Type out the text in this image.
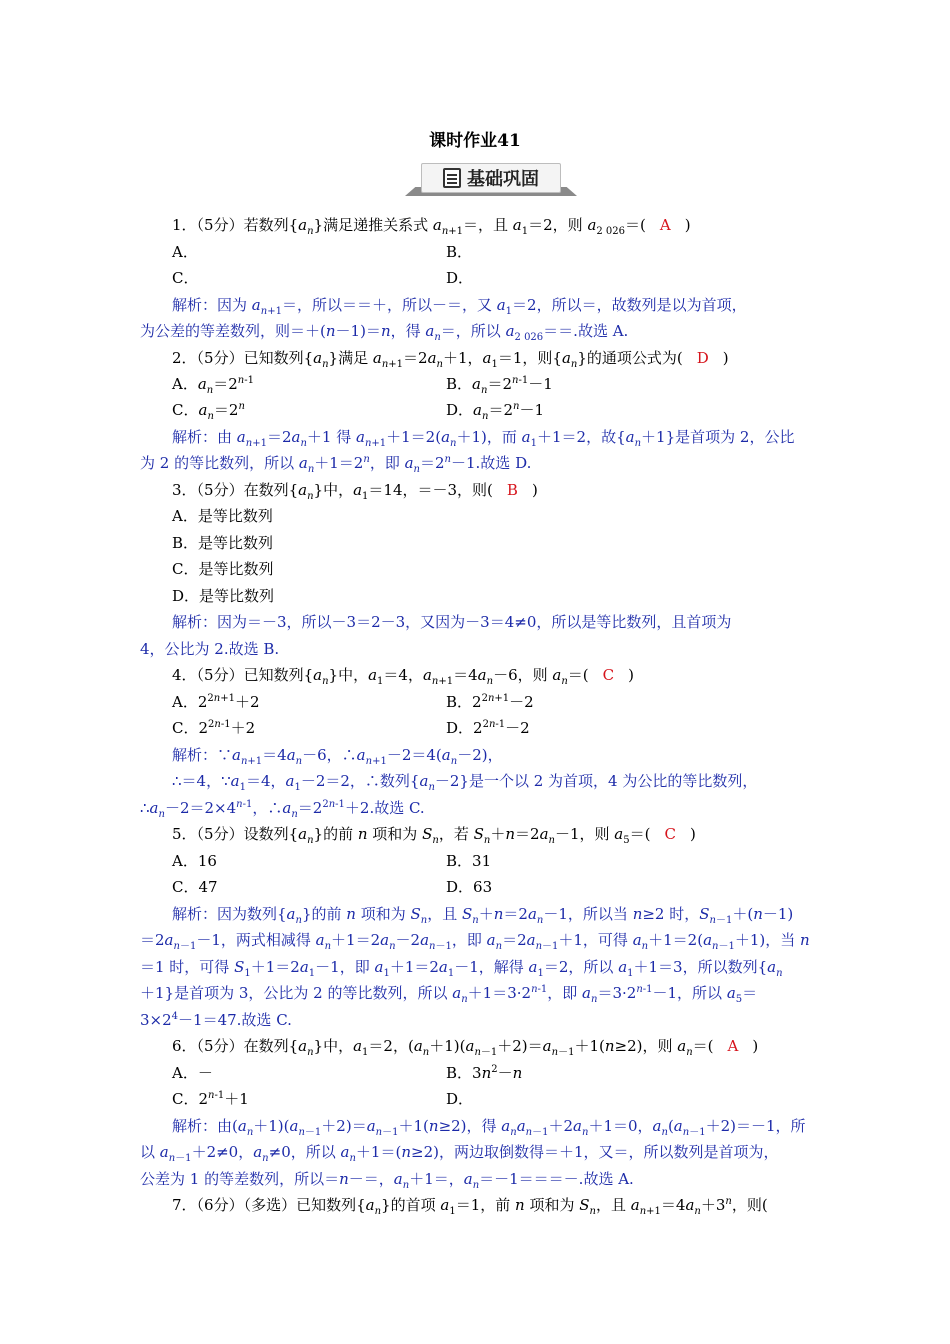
课时作业41
基础巩固
1．（5分）若数列$\{a_n\}$满足递推关系式 $a_{n+1}=$，且 $a_1=2$，则 $a_{2 026}=$( A )
A．	B．
C．	D．
解析：因为 $a_{n+1}=$，所以＝＝＋，所以－＝，又 $a_1=2$，所以＝，故数列是以为首项，
为公差的等差数列，则＝＋(n－1)＝n，得 $a_n=$，所以 $a_{2 026}==$.故选 A.
2．（5分）已知数列$\{a_n\}$满足 $a_{n+1}=2a_n+1$，$a_1=1$，则$\{a_n\}$的通项公式为( D )
A．$a_n=2^{n-1}$	B．$a_n=2^{n-1}-1$
C．$a_n=2^n$	D．$a_n=2^n-1$
解析：由 $a_{n+1}=2a_n+1$ 得 $a_{n+1}+1=2(a_n+1)$，而 $a_1+1=2$，故$\{a_n+1\}$是首项为 2，公比
为 2 的等比数列，所以 $a_n+1=2^n$，即 $a_n=2^n-1$.故选 D.
3．（5分）在数列$\{a_n\}$中，$a_1=14$，＝－3，则( B )
A．是等比数列
B．是等比数列
C．是等比数列
D．是等比数列
解析：因为＝－3，所以－3＝2－3，又因为－3＝4≠0，所以是等比数列，且首项为
4，公比为 2.故选 B.
4．（5分）已知数列$\{a_n\}$中，$a_1=4$，$a_{n+1}=4a_n-6$，则 $a_n=$( C )
A．$2^{2n+1}+2$	B．$2^{2n+1}-2$
C．$2^{2n-1}+2$	D．$2^{2n-1}-2$
解析：$\because a_{n+1}=4a_n-6$，$\therefore a_{n+1}-2=4(a_n-2)$，
∴＝4，$\because a_1=4$，$a_1-2=2$，∴数列$\{a_n-2\}$是一个以 2 为首项，4 为公比的等比数列，
$\therefore a_n-2=2\times 4^{n-1}$，$\therefore a_n=2^{2n-1}+2$.故选 C.
5．（5分）设数列$\{a_n\}$的前 n 项和为 $S_n$，若 $S_n+n=2a_n-1$，则 $a_5=$( C )
A．16	B．31
C．47	D．63
解析：因为数列$\{a_n\}$的前 n 项和为 $S_n$，且 $S_n+n=2a_n-1$，所以当 n≥2 时，$S_{n-1}+(n-1)$
$=2a_{n-1}-1$，两式相减得 $a_n+1=2a_n-2a_{n-1}$，即 $a_n=2a_{n-1}+1$，可得 $a_n+1=2(a_{n-1}+1)$，当 n
＝1 时，可得 $S_1+1=2a_1-1$，即 $a_1+1=2a_1-1$，解得 $a_1=2$，所以 $a_1+1=3$，所以数列{$a_n$
＋1}是首项为 3，公比为 2 的等比数列，所以 $a_n+1=3\cdot 2^{n-1}$，即 $a_n=3\cdot 2^{n-1}-1$，所以 $a_5=$
$3\times 2^4-1=47$.故选 C.
6．（5分）在数列$\{a_n\}$中，$a_1=2$，$(a_n+1)(a_{n-1}+2)=a_{n-1}+1(n\ge 2)$，则 $a_n=$( A )
A．－	B．$3n^2-n$
C．$2^{n-1}+1$	D．
解析：由$(a_n+1)(a_{n-1}+2)=a_{n-1}+1(n\ge 2)$，得 $a_na_{n-1}+2a_n+1=0$，$a_n(a_{n-1}+2)=-1$，所
以 $a_{n-1}+2\ne 0$，$a_n\ne 0$，所以 $a_n+1=(n\ge 2)$，两边取倒数得＝＋1，又＝，所以数列是首项为，
公差为 1 的等差数列，所以＝n－＝，$a_n+1=$，$a_n=-1===-$.故选 A.
7．（6分）（多选）已知数列$\{a_n\}$的首项 $a_1=1$，前 n 项和为 $S_n$，且 $a_{n+1}=4a_n+3^n$，则(
